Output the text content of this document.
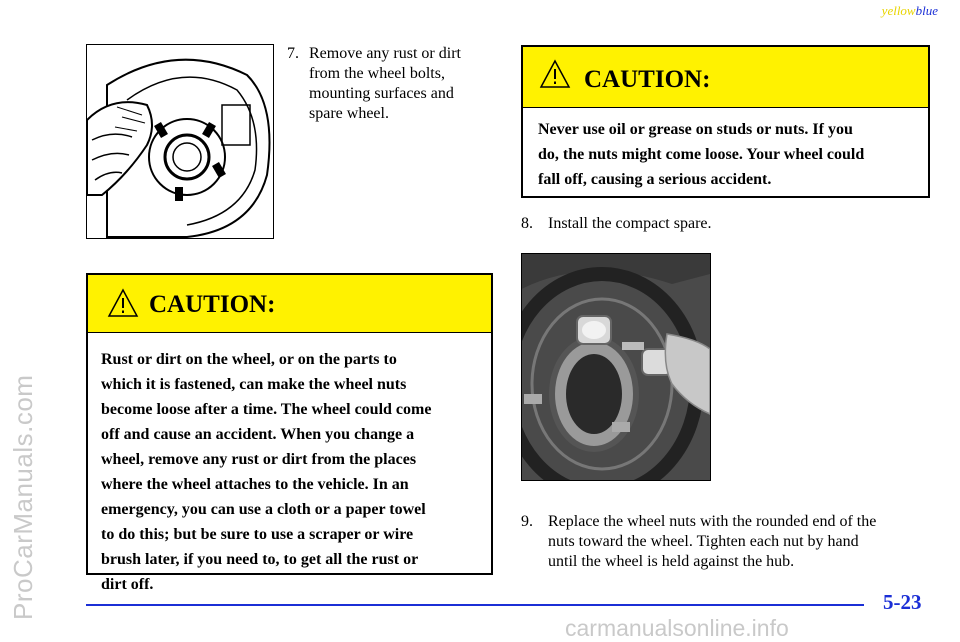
yellowblue
ProCarManuals.com
7. Remove any rust or dirt
from the wheel bolts,
mounting surfaces and
spare wheel.
CAUTION:
Rust or dirt on the wheel, or on the parts to
which it is fastened, can make the wheel nuts
become loose after a time. The wheel could come
off and cause an accident. When you change a
wheel, remove any rust or dirt from the places
where the wheel attaches to the vehicle. In an
emergency, you can use a cloth or a paper towel
to do this; but be sure to use a scraper or wire
brush later, if you need to, to get all the rust or
dirt off.
CAUTION:
Never use oil or grease on studs or nuts. If you
do, the nuts might come loose. Your wheel could
fall off, causing a serious accident.
8. Install the compact spare.
9. Replace the wheel nuts with the rounded end of the
nuts toward the wheel. Tighten each nut by hand
until the wheel is held against the hub.
5-23
carmanualsonline.info
